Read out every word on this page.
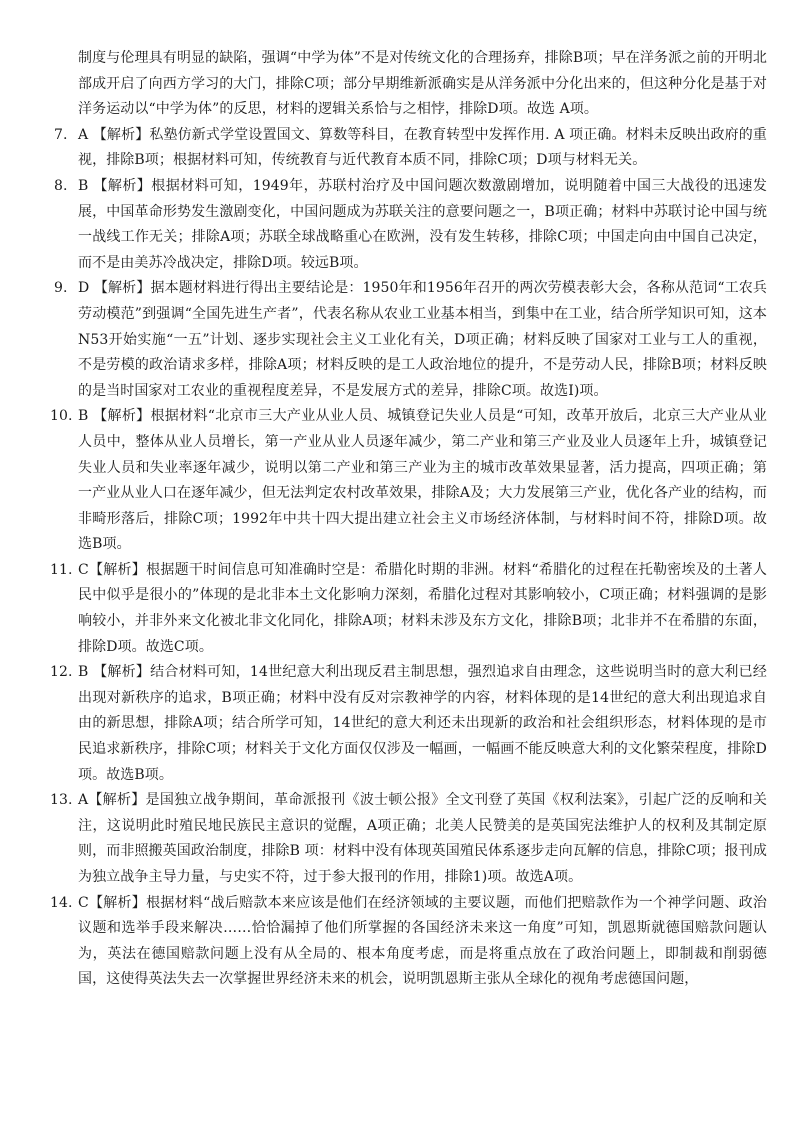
制度与伦理具有明显的缺陷，强调“中学为体”不是对传统文化的合理扬弃，排除B项；早在洋务派之前的开明北部成开启了向西方学习的大门，排除C项；部分早期维新派确实是从洋务派中分化出来的，但这种分化是基于对洋务运动以“中学为体”的反思，材料的逻辑关系恰与之相悖，排除D项。故选 A项。

7. A 【解析】私塾仿新式学堂设置国文、算数等科目，在教育转型中发挥作用. A 项正确。材料未反映出政府的重视，排除B项；根据材料可知，传统教育与近代教育本质不同，排除C项；D项与材料无关。

8. B 【解析】根据材料可知，1949年，苏联村治疗及中国问题次数激剧增加，说明随着中国三大战役的迅速发展，中国革命形势发生激剧变化，中国问题成为苏联关注的意要问题之一，B项正确；材料中苏联讨论中国与统一战线工作无关；排除A项；苏联全球战略重心在欧洲，没有发生转移，排除C项；中国走向由中国自己决定，而不是由美苏冷战决定，排除D项。较远B项。

9. D 【解析】据本题材料进行得出主要结论是：1950年和1956年召开的两次劳模表彰大会，各称从范词“工农兵劳动模范”到强调“全国先进生产者”，代表名称从农业工业基本相当，到集中在工业，结合所学知识可知，这本N53开始实施“一五”计划、逐步实现社会主义工业化有关，D项正确；材料反映了国家对工业与工人的重视，不是劳模的政治请求多样，排除A项；材料反映的是工人政治地位的提升，不是劳动人民，排除B项；材料反映的是当时国家对工农业的重视程度差异，不是发展方式的差异，排除C项。故选I)项。

10. B 【解析】根据材料“北京市三大产业从业人员、城镇登记失业人员是“可知，改革开放后，北京三大产业从业人员中，整体从业人员增长，第一产业从业人员逐年减少，第二产业和第三产业及业人员逐年上升，城镇登记失业人员和失业率逐年减少，说明以第二产业和第三产业为主的城市改革效果显著，活力提高，四项正确；第一产业从业人口在逐年减少，但无法判定农村改革效果，排除A及；大力发展第三产业，优化各产业的结构，而非畸形落后，排除C项；1992年中共十四大提出建立社会主义市场经济体制，与材料时间不符，排除D项。故选B项。

11. C【解析】根据题干时间信息可知准确时空是：希腊化时期的非洲。材料“希腊化的过程在托勒密埃及的土著人民中似乎是很小的”体现的是北非本土文化影响力深刻，希腊化过程对其影响较小，C项正确；材料强调的是影响较小，并非外来文化被北非文化同化，排除A项；材料未涉及东方文化，排除B项；北非并不在希腊的东面，排除D项。故选C项。

12. B 【解析】结合材料可知，14世纪意大利出现反君主制思想，强烈追求自由理念，这些说明当时的意大利已经出现对新秩序的追求，B项正确；材料中没有反对宗教神学的内容，材料体现的是14世纪的意大利出现追求自由的新思想，排除A项；结合所学可知，14世纪的意大利还未出现新的政治和社会组织形态，材料体现的是市民追求新秩序，排除C项；材料关于文化方面仅仅涉及一幅画，一幅画不能反映意大利的文化繁荣程度，排除D项。故选B项。

13. A【解析】是国独立战争期间，革命派报刊《波士顿公报》全文刊登了英国《权利法案》，引起广泛的反响和关注，这说明此时殖民地民族民主意识的觉醒，A项正确；北美人民赞美的是英国宪法维护人的权利及其制定原则，而非照搬英国政治制度，排除B 项：材料中没有体现英国殖民体系逐步走向瓦解的信息，排除C项；报刊成为独立战争主导力量，与史实不符，过于参大报刊的作用，排除1)项。故选A项。

14. C【解析】根据材料“战后赔款本来应该是他们在经济领域的主要议题，而他们把赔款作为一个神学问题、政治议题和选举手段来解决……恰恰漏掉了他们所掌握的各国经济未来这一角度”可知，凯恩斯就德国赔款问题认为，英法在德国赔款问题上没有从全局的、根本角度考虑，而是将重点放在了政治问题上，即制裁和削弱德国，这使得英法失去一次掌握世界经济未来的机会，说明凯恩斯主张从全球化的视角考虑德国问题，
